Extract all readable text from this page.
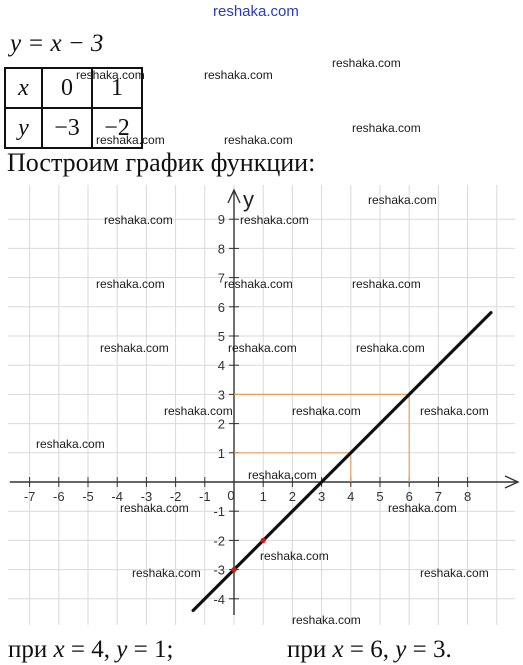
reshaka.com
y = x − 3
x	0	1
y	−3	−2
Построим график функции:
y
-7 -6 -5 -4 -3 -2 -1 0 1 2 3 4 5 6 7 8
9
8
7
6
5
4
3
2
1
-1
-2
-3
-4
reshaka.com	reshaka.com
reshaka.com
reshaka.com	reshaka.com
reshaka.com
reshaka.com
reshaka.com	reshaka.com
reshaka.com	reshaka.com	reshaka.com
reshaka.com	reshaka.com	reshaka.com
reshaka.com	reshaka.com	reshaka.com
reshaka.com
reshaka.com
reshaka.com	reshaka.com
reshaka.com
reshaka.com	reshaka.com
reshaka.com
при x = 4, y = 1;	при x = 6, y = 3.
